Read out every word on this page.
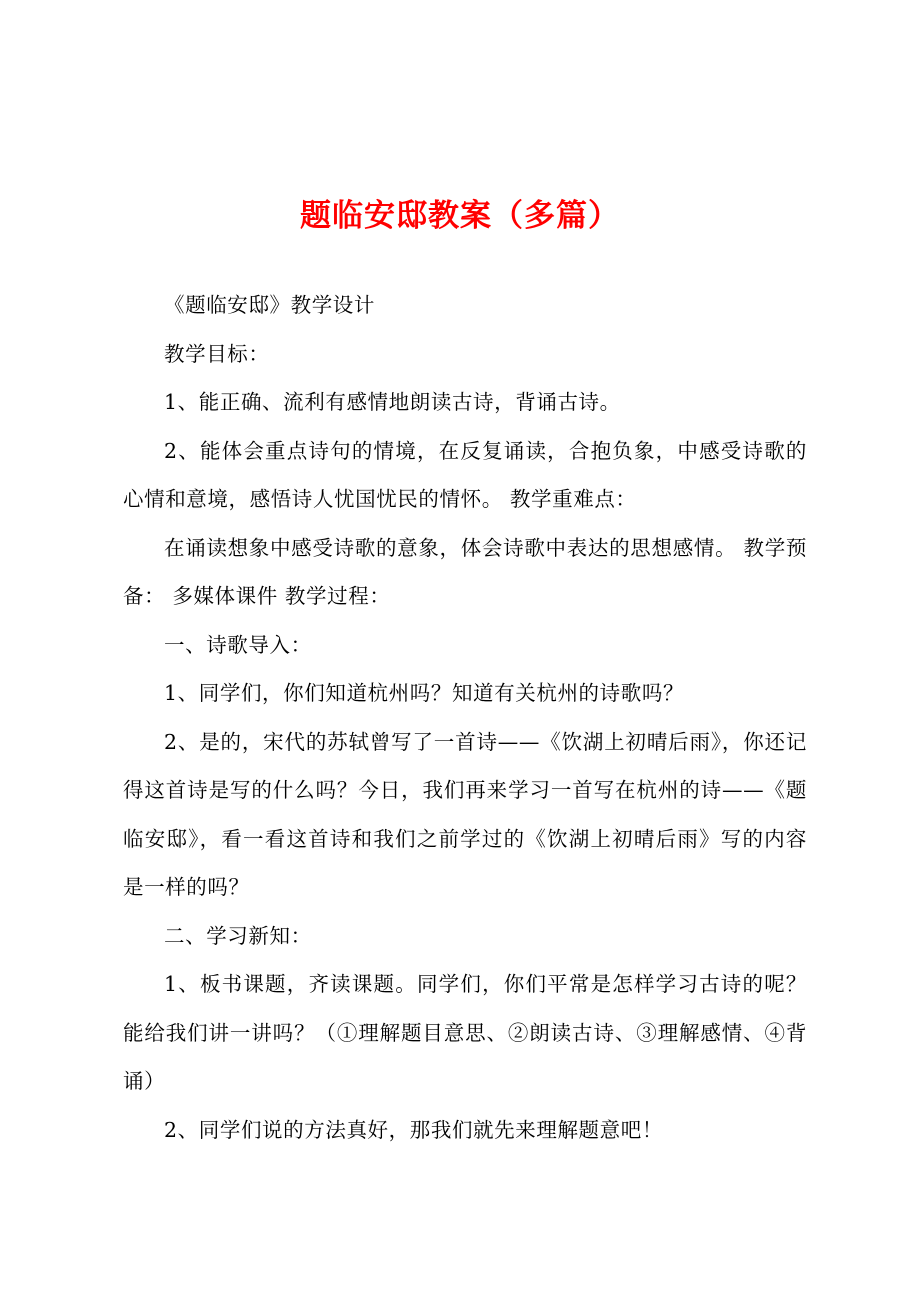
题临安邸教案（多篇）

《题临安邸》教学设计

教学目标：

1、能正确、流利有感情地朗读古诗，背诵古诗。

2、能体会重点诗句的情境，在反复诵读，合抱负象，中感受诗歌的心情和意境，感悟诗人忧国忧民的情怀。 教学重难点：

在诵读想象中感受诗歌的意象，体会诗歌中表达的思想感情。 教学预备： 多媒体课件 教学过程：

一、诗歌导入：

1、同学们，你们知道杭州吗？知道有关杭州的诗歌吗？

2、是的，宋代的苏轼曾写了一首诗——《饮湖上初晴后雨》，你还记得这首诗是写的什么吗？今日，我们再来学习一首写在杭州的诗——《题临安邸》，看一看这首诗和我们之前学过的《饮湖上初晴后雨》写的内容是一样的吗？

二、学习新知：

1、板书课题，齐读课题。同学们，你们平常是怎样学习古诗的呢？能给我们讲一讲吗？（①理解题目意思、②朗读古诗、③理解感情、④背诵）

2、同学们说的方法真好，那我们就先来理解题意吧！
